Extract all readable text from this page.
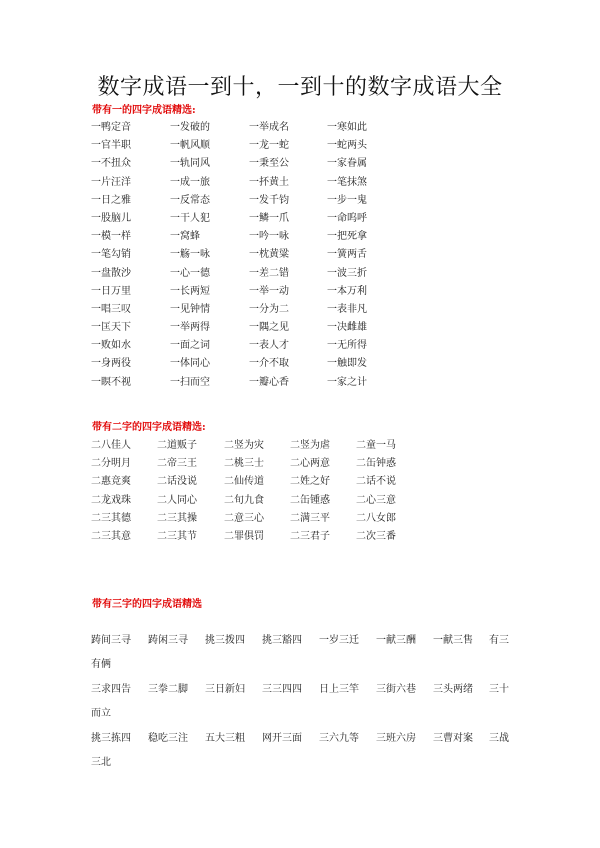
数字成语一到十，一到十的数字成语大全
带有一的四字成语精选:
一鸭定音	一发破的	一举成名	一寒如此
一官半职	一帆风顺	一龙一蛇	一蛇两头
一不扭众	一轨同风	一秉至公	一家眷属
一片汪洋	一成一旅	一抔黄土	一笔抹煞
一日之雅	一反常态	一发千钧	一步一鬼
一股脑儿	一干人犯	一鳞一爪	一命呜呼
一模一样	一窝蜂	一吟一咏	一把死拿
一笔勾销	一觞一咏	一枕黄粱	一簧两舌
一盘散沙	一心一德	一差二错	一波三折
一日万里	一长两短	一举一动	一本万利
一唱三叹	一见钟情	一分为二	一表非凡
一匡天下	一举两得	一隅之见	一决雌雄
一败如水	一面之词	一表人才	一无所得
一身两役	一体同心	一介不取	一触即发
一瞑不视	一扫而空	一瓣心香	一家之计
带有二字的四字成语精选:
二八佳人	二道贩子	二竖为灾	二竖为虐	二童一马
二分明月	二帝三王	二桃三士	二心两意	二缶钟惑
二惠竞爽	二话没说	二仙传道	二姓之好	二话不说
二龙戏珠	二人同心	二旬九食	二缶锺惑	二心三意
二三其德	二三其操	二意三心	二满三平	二八女郎
二三其意	二三其节	二罪俱罚	二三君子	二次三番
带有三字的四字成语精选
踌间三寻 踌闲三寻 挑三拨四 挑三豁四 一岁三迁 一献三酬 一献三售 有三
有俩
三求四告 三拳二脚 三日新妇 三三四四 日上三竿 三街六巷 三头两绪 三十
而立
挑三拣四 稳吃三注 五大三粗 网开三面 三六九等 三班六房 三曹对案 三战
三北
